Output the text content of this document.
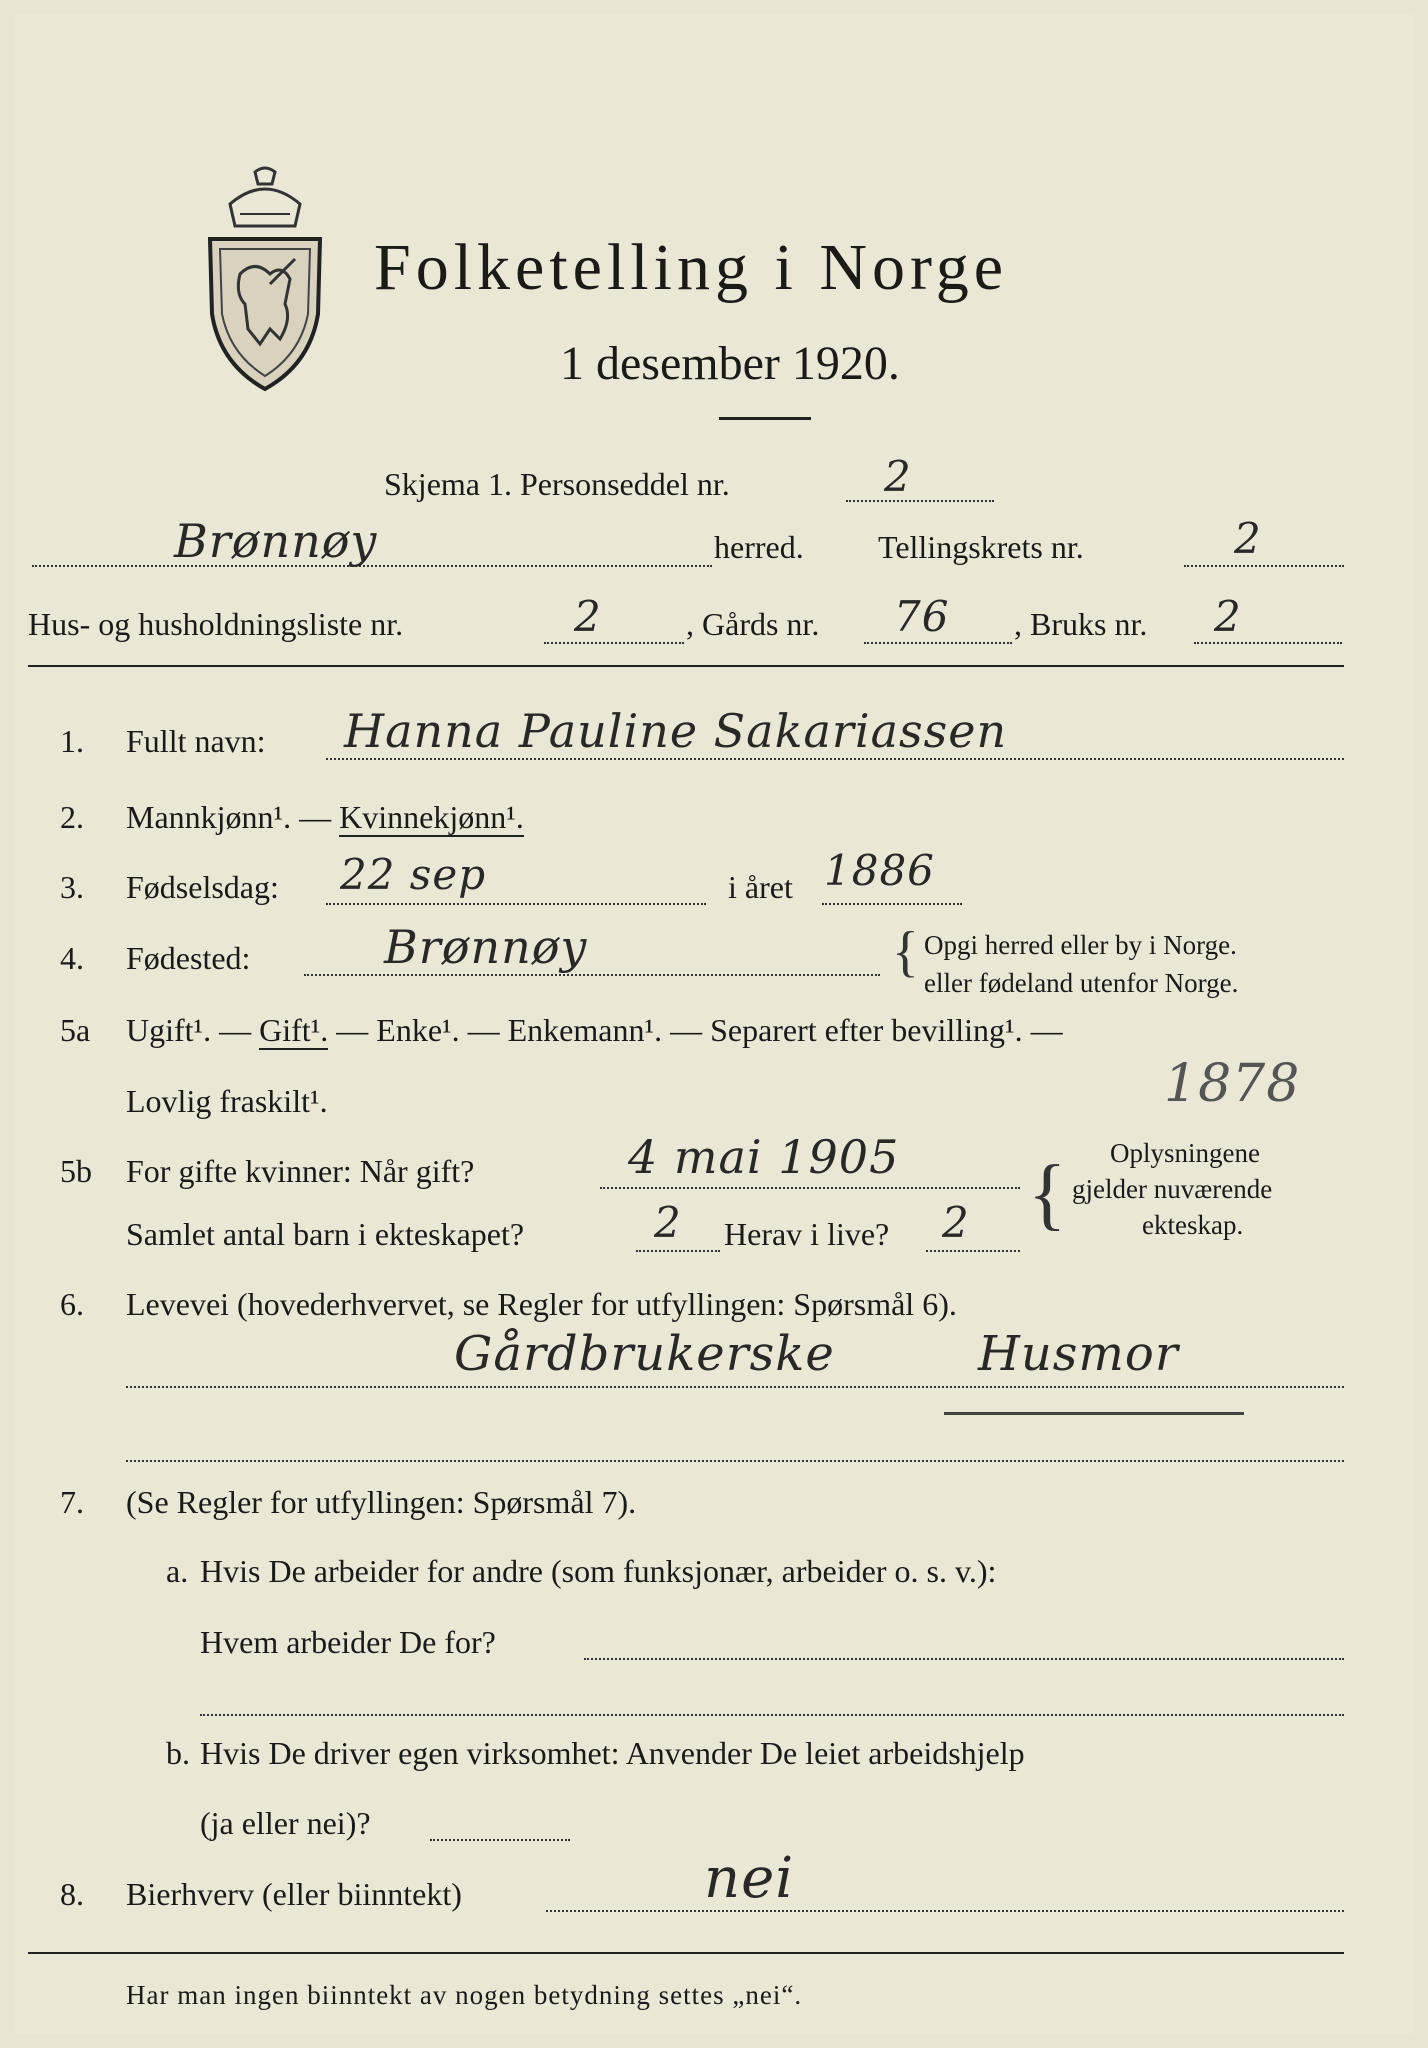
Folketelling i Norge
1 desember 1920.
Skjema 1. Personseddel nr.	2
Brønnøy	herred. Tellingskrets nr.	2
Hus- og husholdningsliste nr.	2	, Gårds nr. 76 , Bruks nr. 2
1. Fullt navn: Hanna Pauline Sakariassen
2. Mannkjønn¹. — Kvinnekjønn¹.
3. Fødselsdag: 22 sep	i året 1886
4. Fødested:	Brønnøy	{ Opgi herred eller by i Norge.
eller fødeland utenfor Norge.
5a Ugift¹. — Gift¹. — Enke¹. — Enkemann¹. — Separert efter bevilling¹. —
Lovlig fraskilt¹.	1878
5b For gifte kvinner: Når gift?	4 mai 1905
Samlet antal barn i ekteskapet?	2 Herav i live? 2 { Oplysningene
gjelder nuværende
ekteskap.
6. Levevei (hovederhvervet, se Regler for utfyllingen: Spørsmål 6).
Gårdbrukerske	Husmor
7. (Se Regler for utfyllingen: Spørsmål 7).
a. Hvis De arbeider for andre (som funksjonær, arbeider o. s. v.):
Hvem arbeider De for?
b. Hvis De driver egen virksomhet: Anvender De leiet arbeidshjelp
(ja eller nei)?
8. Bierhverv (eller biinntekt)	nei
Har man ingen biinntekt av nogen betydning settes „nei“.
